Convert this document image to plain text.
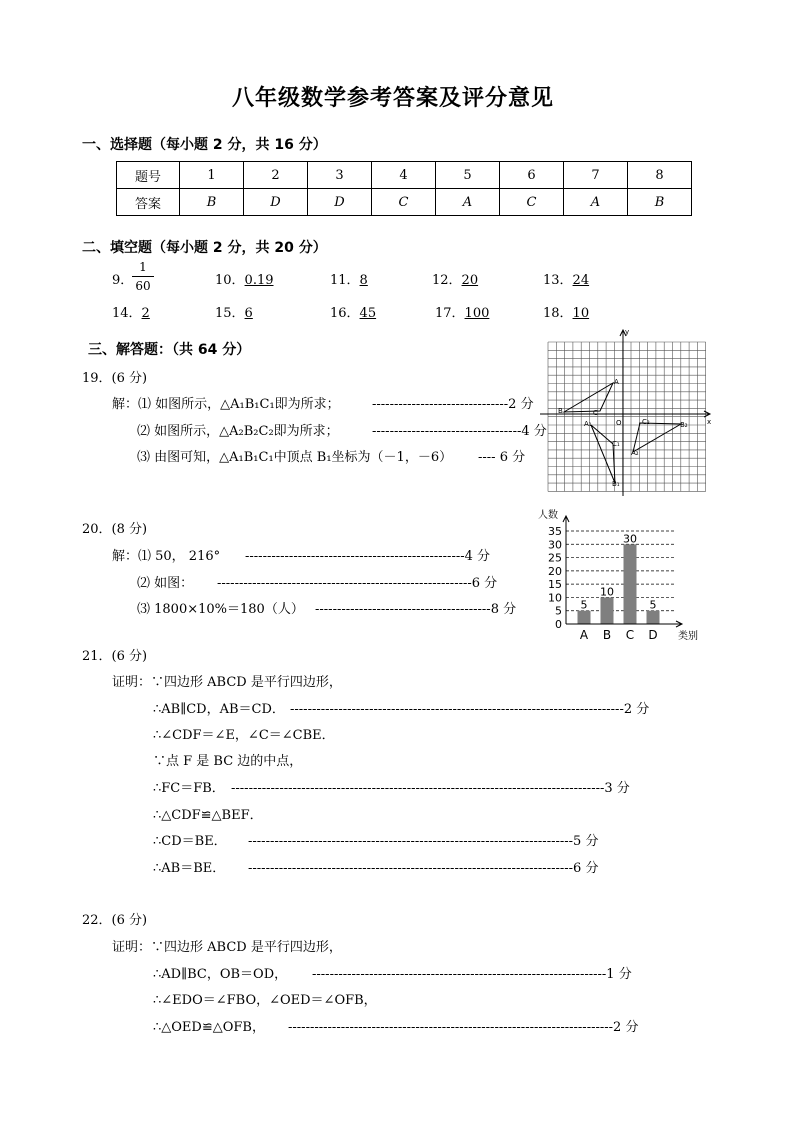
八年级数学参考答案及评分意见
一、选择题（每小题 2 分，共 16 分）
题号	1	2	3	4	5	6	7	8
答案	B	D	D	C	A	C	A	B
二、填空题（每小题 2 分，共 20 分）
9．
1
60	10．0.19	11．8	12．20	13．24
14．2	15．6	16．45	17．100	18．10
三、解答题：（共 64 分）
19．(6 分)
解：⑴ 如图所示，△A₁B₁C₁即为所求； -------------------------------2 分
⑵ 如图所示，△A₂B₂C₂即为所求；	----------------------------------4 分
⑶ 由图可知，△A₁B₁C₁中顶点 B₁坐标为（－1，－6） ---- 6 分
y
x
O
A
B	C
A₁
B₁
C₁
A₂
B₂
C₂
20．(8 分)
解：⑴ 50， 216° --------------------------------------------------4 分
⑵ 如图： ----------------------------------------------------------6 分
⑶ 1800×10%＝180（人） ----------------------------------------8 分
0
5
10
15
20
25
30
35
5
10
30
5
A B C D
人数
类别
21．(6 分)
证明：∵四边形 ABCD 是平行四边形，
∴AB∥CD，AB＝CD． ----------------------------------------------------------------------------2 分
∴∠CDF＝∠E，∠C＝∠CBE．
∵点 F 是 BC 边的中点，
∴FC＝FB． -------------------------------------------------------------------------------------3 分
∴△CDF≌△BEF．
∴CD＝BE． --------------------------------------------------------------------------5 分
∴AB＝BE． --------------------------------------------------------------------------6 分
22．(6 分)
证明：∵四边形 ABCD 是平行四边形，
∴AD∥BC，OB＝OD， -------------------------------------------------------------------1 分
∴∠EDO＝∠FBO，∠OED＝∠OFB，
∴△OED≌△OFB， --------------------------------------------------------------------------2 分
